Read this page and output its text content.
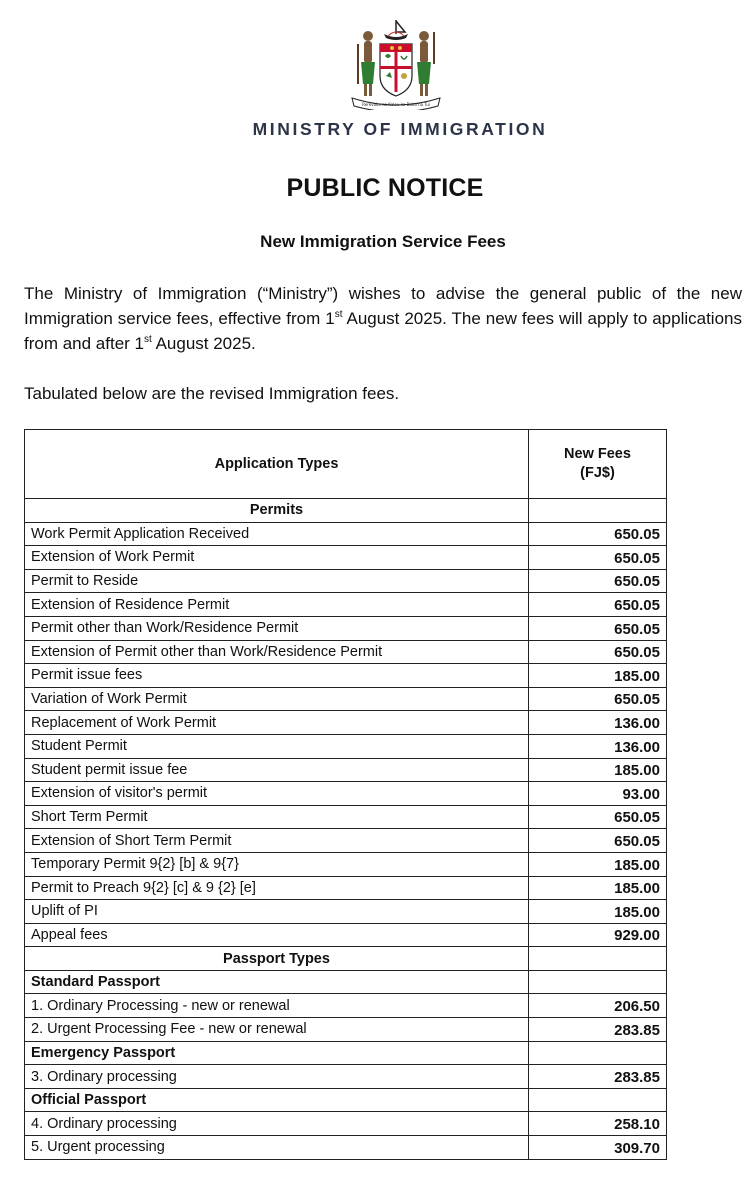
Rerevaka na Kalou ka Doka na Tui
MINISTRY OF IMMIGRATION
PUBLIC NOTICE
New Immigration Service Fees
The Ministry of Immigration (“Ministry”) wishes to advise the general public of the new Immigration service fees, effective from 1st August 2025. The new fees will apply to applications from and after 1st August 2025.
Tabulated below are the revised Immigration fees.
Application Types	New Fees
(FJ$)
Permits	
Work Permit Application Received	650.05
Extension of Work Permit	650.05
Permit to Reside	650.05
Extension of Residence Permit	650.05
Permit other than Work/Residence Permit	650.05
Extension of Permit other than Work/Residence Permit	650.05
Permit issue fees	185.00
Variation of Work Permit	650.05
Replacement of Work Permit	136.00
Student Permit	136.00
Student permit issue fee	185.00
Extension of visitor's permit	93.00
Short Term Permit	650.05
Extension of Short Term Permit	650.05
Temporary Permit 9{2} [b] & 9{7}	185.00
Permit to Preach 9{2} [c] & 9 {2} [e]	185.00
Uplift of PI	185.00
Appeal fees	929.00
Passport Types	
Standard Passport	
1. Ordinary Processing - new or renewal	206.50
2. Urgent Processing Fee - new or renewal	283.85
Emergency Passport	
3. Ordinary processing	283.85
Official Passport	
4. Ordinary processing	258.10
5. Urgent processing	309.70
